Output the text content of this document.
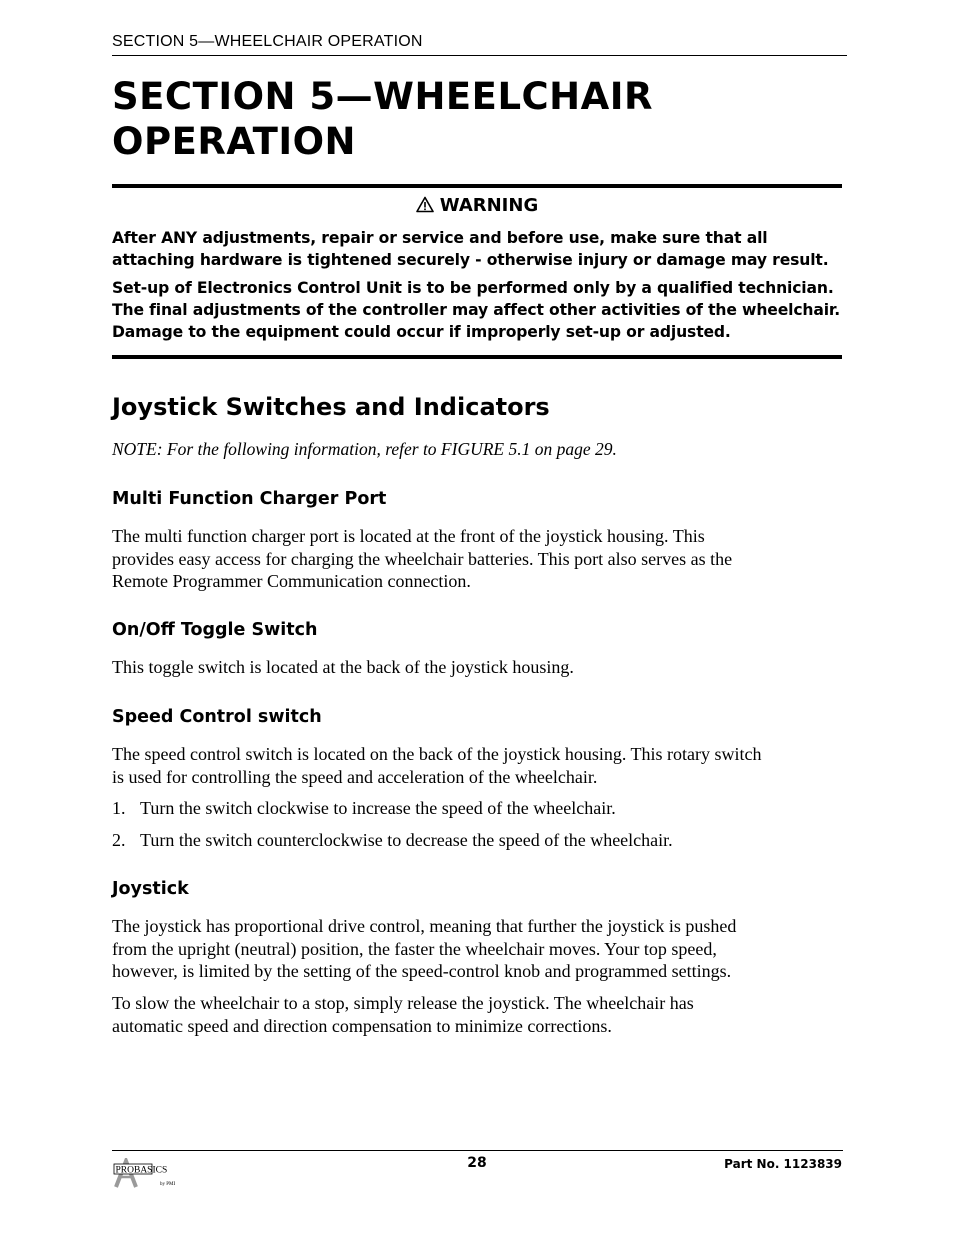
SECTION 5—WHEELCHAIR OPERATION
SECTION 5—WHEELCHAIR
OPERATION
WARNING
After ANY adjustments, repair or service and before use, make sure that all
attaching hardware is tightened securely - otherwise injury or damage may result.
Set-up of Electronics Control Unit is to be performed only by a qualified technician.
The final adjustments of the controller may affect other activities of the wheelchair.
Damage to the equipment could occur if improperly set-up or adjusted.
Joystick Switches and Indicators
NOTE: For the following information, refer to FIGURE 5.1 on page 29.
Multi Function Charger Port
The multi function charger port is located at the front of the joystick housing. This
provides easy access for charging the wheelchair batteries. This port also serves as the
Remote Programmer Communication connection.
On/Off Toggle Switch
This toggle switch is located at the back of the joystick housing.
Speed Control switch
The speed control switch is located on the back of the joystick housing. This rotary switch
is used for controlling the speed and acceleration of the wheelchair.
1. Turn the switch clockwise to increase the speed of the wheelchair.
2. Turn the switch counterclockwise to decrease the speed of the wheelchair.
Joystick
The joystick has proportional drive control, meaning that further the joystick is pushed
from the upright (neutral) position, the faster the wheelchair moves. Your top speed,
however, is limited by the setting of the speed-control knob and programmed settings.
To slow the wheelchair to a stop, simply release the joystick. The wheelchair has
automatic speed and direction compensation to minimize corrections.
PROBASICS
by PMI
28	Part No. 1123839
